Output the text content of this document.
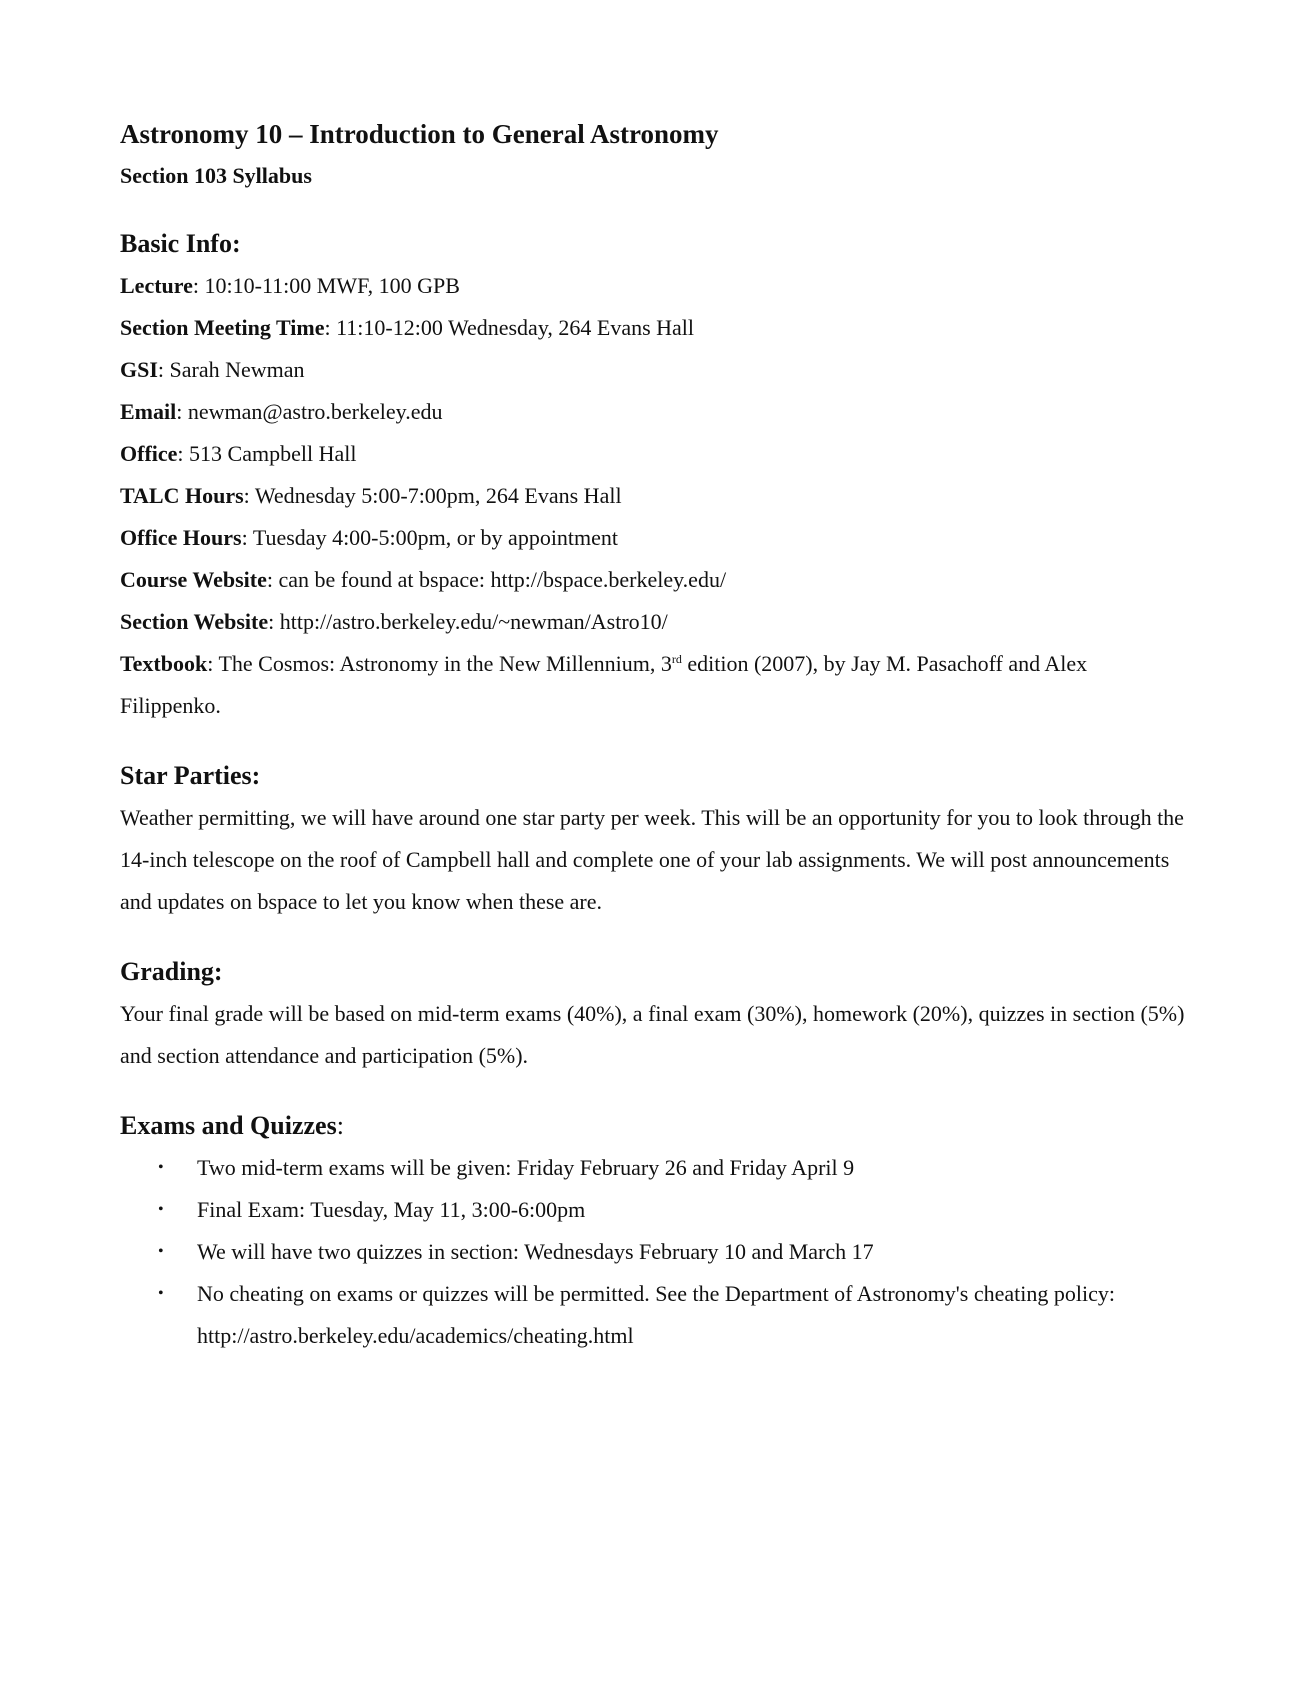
Astronomy 10 – Introduction to General Astronomy
Section 103 Syllabus
Basic Info:
Lecture: 10:10-11:00 MWF, 100 GPB
Section Meeting Time: 11:10-12:00 Wednesday, 264 Evans Hall
GSI: Sarah Newman
Email: newman@astro.berkeley.edu
Office: 513 Campbell Hall
TALC Hours: Wednesday 5:00-7:00pm, 264 Evans Hall
Office Hours: Tuesday 4:00-5:00pm, or by appointment
Course Website: can be found at bspace: http://bspace.berkeley.edu/
Section Website: http://astro.berkeley.edu/~newman/Astro10/
Textbook: The Cosmos: Astronomy in the New Millennium, 3rd edition (2007), by Jay M. Pasachoff and Alex Filippenko.
Star Parties:

Weather permitting, we will have around one star party per week. This will be an opportunity for you to look through the 14-inch telescope on the roof of Campbell hall and complete one of your lab assignments. We will post announcements and updates on bspace to let you know when these are.

Grading:

Your final grade will be based on mid-term exams (40%), a final exam (30%), homework (20%), quizzes in section (5%) and section attendance and participation (5%).

Exams and Quizzes:
• Two mid-term exams will be given: Friday February 26 and Friday April 9
• Final Exam: Tuesday, May 11, 3:00-6:00pm
• We will have two quizzes in section: Wednesdays February 10 and March 17
• No cheating on exams or quizzes will be permitted. See the Department of Astronomy's cheating policy: http://astro.berkeley.edu/academics/cheating.html
